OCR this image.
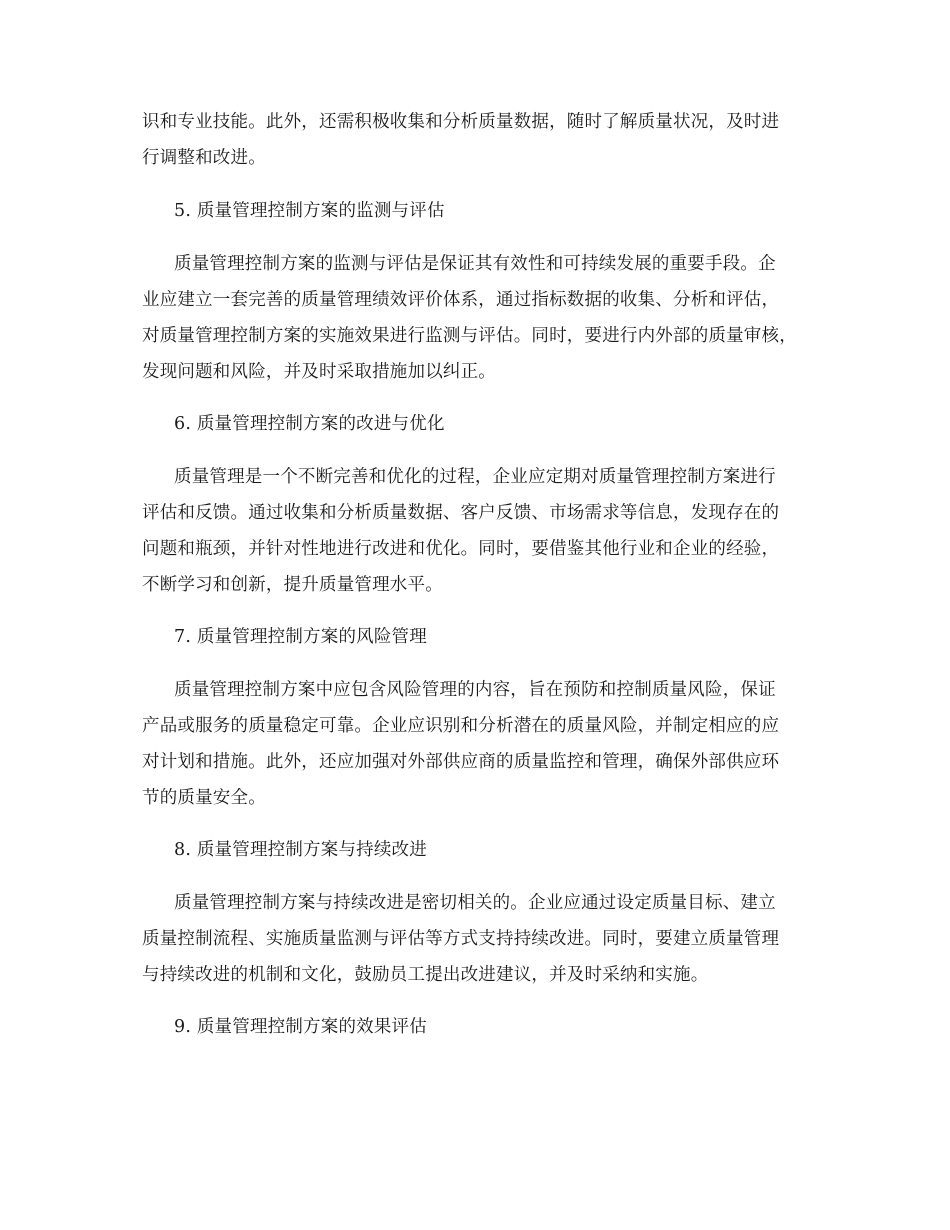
识和专业技能。此外，还需积极收集和分析质量数据，随时了解质量状况，及时进
行调整和改进。
5. 质量管理控制方案的监测与评估
质量管理控制方案的监测与评估是保证其有效性和可持续发展的重要手段。企
业应建立一套完善的质量管理绩效评价体系，通过指标数据的收集、分析和评估，
对质量管理控制方案的实施效果进行监测与评估。同时，要进行内外部的质量审核，
发现问题和风险，并及时采取措施加以纠正。
6. 质量管理控制方案的改进与优化
质量管理是一个不断完善和优化的过程，企业应定期对质量管理控制方案进行
评估和反馈。通过收集和分析质量数据、客户反馈、市场需求等信息，发现存在的
问题和瓶颈，并针对性地进行改进和优化。同时，要借鉴其他行业和企业的经验，
不断学习和创新，提升质量管理水平。
7. 质量管理控制方案的风险管理
质量管理控制方案中应包含风险管理的内容，旨在预防和控制质量风险，保证
产品或服务的质量稳定可靠。企业应识别和分析潜在的质量风险，并制定相应的应
对计划和措施。此外，还应加强对外部供应商的质量监控和管理，确保外部供应环
节的质量安全。
8. 质量管理控制方案与持续改进
质量管理控制方案与持续改进是密切相关的。企业应通过设定质量目标、建立
质量控制流程、实施质量监测与评估等方式支持持续改进。同时，要建立质量管理
与持续改进的机制和文化，鼓励员工提出改进建议，并及时采纳和实施。
9. 质量管理控制方案的效果评估
